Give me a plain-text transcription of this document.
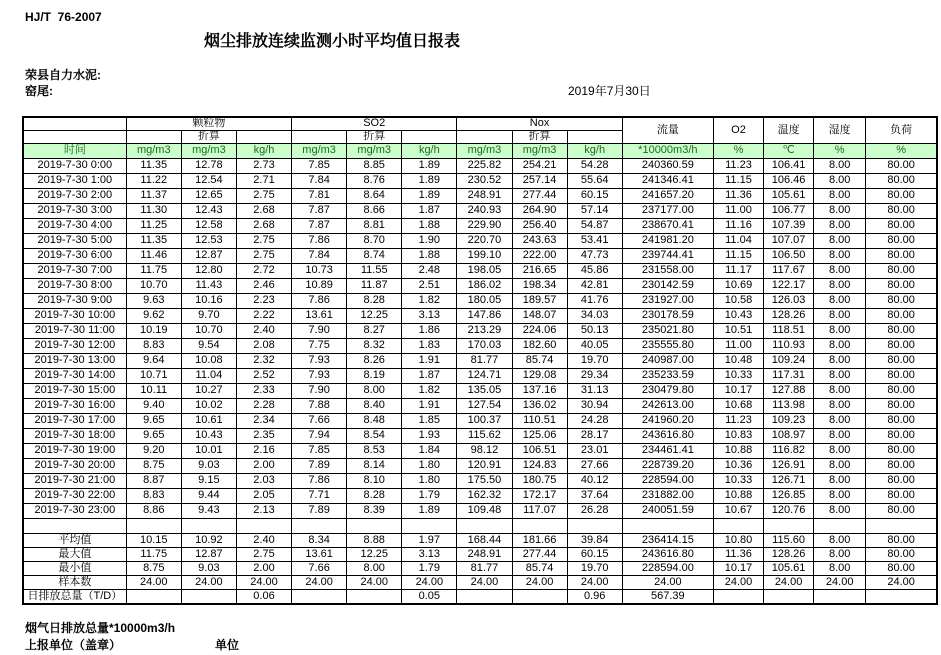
HJ/T  76-2007
烟尘排放连续监测小时平均值日报表
荣县自力水泥:
窑尾:	2019年7月30日
	颗粒物			SO2			Nox			流量	O2	温度	湿度	负荷
		折算			折算			折算						
时间	mg/m3	mg/m3	kg/h	mg/m3	mg/m3	kg/h	mg/m3	mg/m3	kg/h	*10000m3/h	%	℃	%	%
2019-7-30 0:00	11.35	12.78	2.73	7.85	8.85	1.89	225.82	254.21	54.28	240360.59	11.23	106.41	8.00	80.00
2019-7-30 1:00	11.22	12.54	2.71	7.84	8.76	1.89	230.52	257.14	55.64	241346.41	11.15	106.46	8.00	80.00
2019-7-30 2:00	11.37	12.65	2.75	7.81	8.64	1.89	248.91	277.44	60.15	241657.20	11.36	105.61	8.00	80.00
2019-7-30 3:00	11.30	12.43	2.68	7.87	8.66	1.87	240.93	264.90	57.14	237177.00	11.00	106.77	8.00	80.00
2019-7-30 4:00	11.25	12.58	2.68	7.87	8.81	1.88	229.90	256.40	54.87	238670.41	11.16	107.39	8.00	80.00
2019-7-30 5:00	11.35	12.53	2.75	7.86	8.70	1.90	220.70	243.63	53.41	241981.20	11.04	107.07	8.00	80.00
2019-7-30 6:00	11.46	12.87	2.75	7.84	8.74	1.88	199.10	222.00	47.73	239744.41	11.15	106.50	8.00	80.00
2019-7-30 7:00	11.75	12.80	2.72	10.73	11.55	2.48	198.05	216.65	45.86	231558.00	11.17	117.67	8.00	80.00
2019-7-30 8:00	10.70	11.43	2.46	10.89	11.87	2.51	186.02	198.34	42.81	230142.59	10.69	122.17	8.00	80.00
2019-7-30 9:00	9.63	10.16	2.23	7.86	8.28	1.82	180.05	189.57	41.76	231927.00	10.58	126.03	8.00	80.00
2019-7-30 10:00	9.62	9.70	2.22	13.61	12.25	3.13	147.86	148.07	34.03	230178.59	10.43	128.26	8.00	80.00
2019-7-30 11:00	10.19	10.70	2.40	7.90	8.27	1.86	213.29	224.06	50.13	235021.80	10.51	118.51	8.00	80.00
2019-7-30 12:00	8.83	9.54	2.08	7.75	8.32	1.83	170.03	182.60	40.05	235555.80	11.00	110.93	8.00	80.00
2019-7-30 13:00	9.64	10.08	2.32	7.93	8.26	1.91	81.77	85.74	19.70	240987.00	10.48	109.24	8.00	80.00
2019-7-30 14:00	10.71	11.04	2.52	7.93	8.19	1.87	124.71	129.08	29.34	235233.59	10.33	117.31	8.00	80.00
2019-7-30 15:00	10.11	10.27	2.33	7.90	8.00	1.82	135.05	137.16	31.13	230479.80	10.17	127.88	8.00	80.00
2019-7-30 16:00	9.40	10.02	2.28	7.88	8.40	1.91	127.54	136.02	30.94	242613.00	10.68	113.98	8.00	80.00
2019-7-30 17:00	9.65	10.61	2.34	7.66	8.48	1.85	100.37	110.51	24.28	241960.20	11.23	109.23	8.00	80.00
2019-7-30 18:00	9.65	10.43	2.35	7.94	8.54	1.93	115.62	125.06	28.17	243616.80	10.83	108.97	8.00	80.00
2019-7-30 19:00	9.20	10.01	2.16	7.85	8.53	1.84	98.12	106.51	23.01	234461.41	10.88	116.82	8.00	80.00
2019-7-30 20:00	8.75	9.03	2.00	7.89	8.14	1.80	120.91	124.83	27.66	228739.20	10.36	126.91	8.00	80.00
2019-7-30 21:00	8.87	9.15	2.03	7.86	8.10	1.80	175.50	180.75	40.12	228594.00	10.33	126.71	8.00	80.00
2019-7-30 22:00	8.83	9.44	2.05	7.71	8.28	1.79	162.32	172.17	37.64	231882.00	10.88	126.85	8.00	80.00
2019-7-30 23:00	8.86	9.43	2.13	7.89	8.39	1.89	109.48	117.07	26.28	240051.59	10.67	120.76	8.00	80.00

平均值	10.15	10.92	2.40	8.34	8.88	1.97	168.44	181.66	39.84	236414.15	10.80	115.60	8.00	80.00
最大值	11.75	12.87	2.75	13.61	12.25	3.13	248.91	277.44	60.15	243616.80	11.36	128.26	8.00	80.00
最小值	8.75	9.03	2.00	7.66	8.00	1.79	81.77	85.74	19.70	228594.00	10.17	105.61	8.00	80.00
样本数	24.00	24.00	24.00	24.00	24.00	24.00	24.00	24.00	24.00	24.00	24.00	24.00	24.00	24.00
日排放总量（T/D）			0.06			0.05			0.96	567.39				
烟气日排放总量*10000m3/h
上报单位（盖章）	单位
